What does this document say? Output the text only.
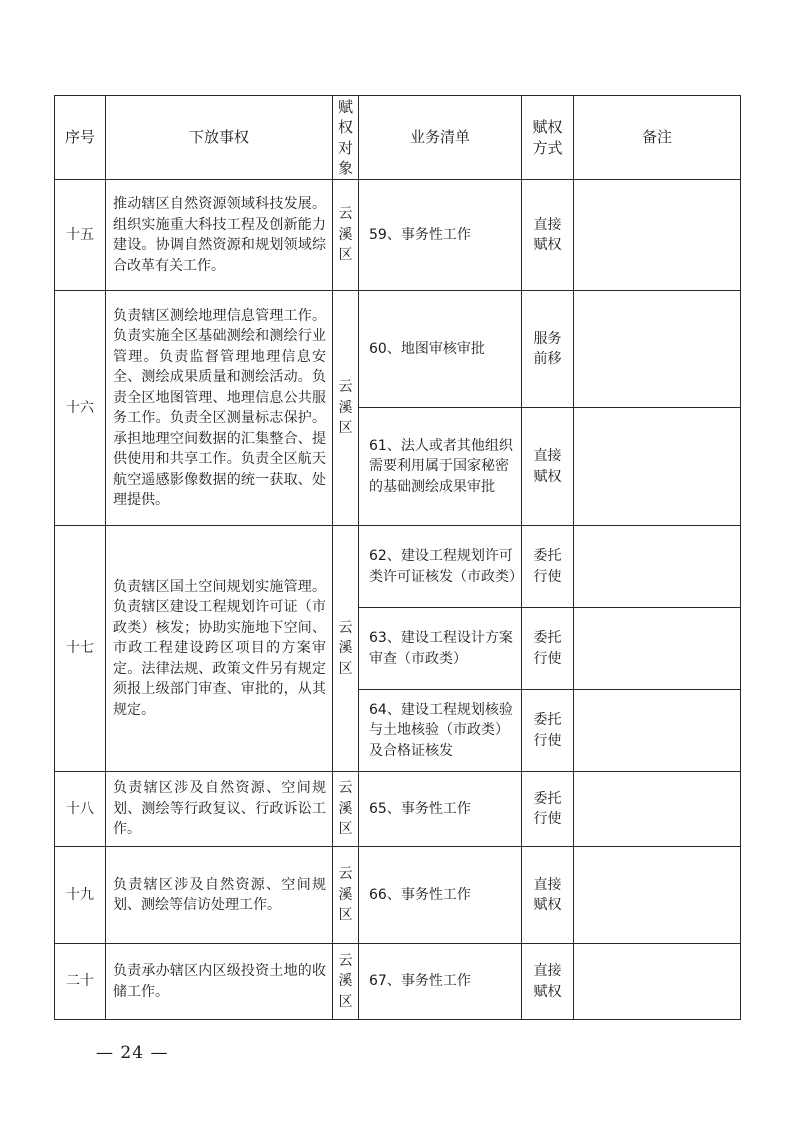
序号	下放事权	赋权对象	业务清单	赋权方式	备注
十五	推动辖区自然资源领域科技发展。组织实施重大科技工程及创新能力建设。协调自然资源和规划领域综合改革有关工作。	云溪区	59、事务性工作	直接赋权	
十六	负责辖区测绘地理信息管理工作。负责实施全区基础测绘和测绘行业管理。负责监督管理地理信息安全、测绘成果质量和测绘活动。负责全区地图管理、地理信息公共服务工作。负责全区测量标志保护。承担地理空间数据的汇集整合、提供使用和共享工作。负责全区航天航空遥感影像数据的统一获取、处理提供。	云溪区	60、地图审核审批	服务前移	
			61、法人或者其他组织需要利用属于国家秘密的基础测绘成果审批	直接赋权	
十七	负责辖区国土空间规划实施管理。负责辖区建设工程规划许可证（市政类）核发；协助实施地下空间、市政工程建设跨区项目的方案审定。法律法规、政策文件另有规定须报上级部门审查、审批的，从其规定。	云溪区	62、建设工程规划许可类许可证核发（市政类）	委托行使	
			63、建设工程设计方案审查（市政类）	委托行使	
			64、建设工程规划核验与土地核验（市政类）及合格证核发	委托行使	
十八	负责辖区涉及自然资源、空间规划、测绘等行政复议、行政诉讼工作。	云溪区	65、事务性工作	委托行使	
十九	负责辖区涉及自然资源、空间规划、测绘等信访处理工作。	云溪区	66、事务性工作	直接赋权	
二十	负责承办辖区内区级投资土地的收储工作。	云溪区	67、事务性工作	直接赋权	
— 24 —
